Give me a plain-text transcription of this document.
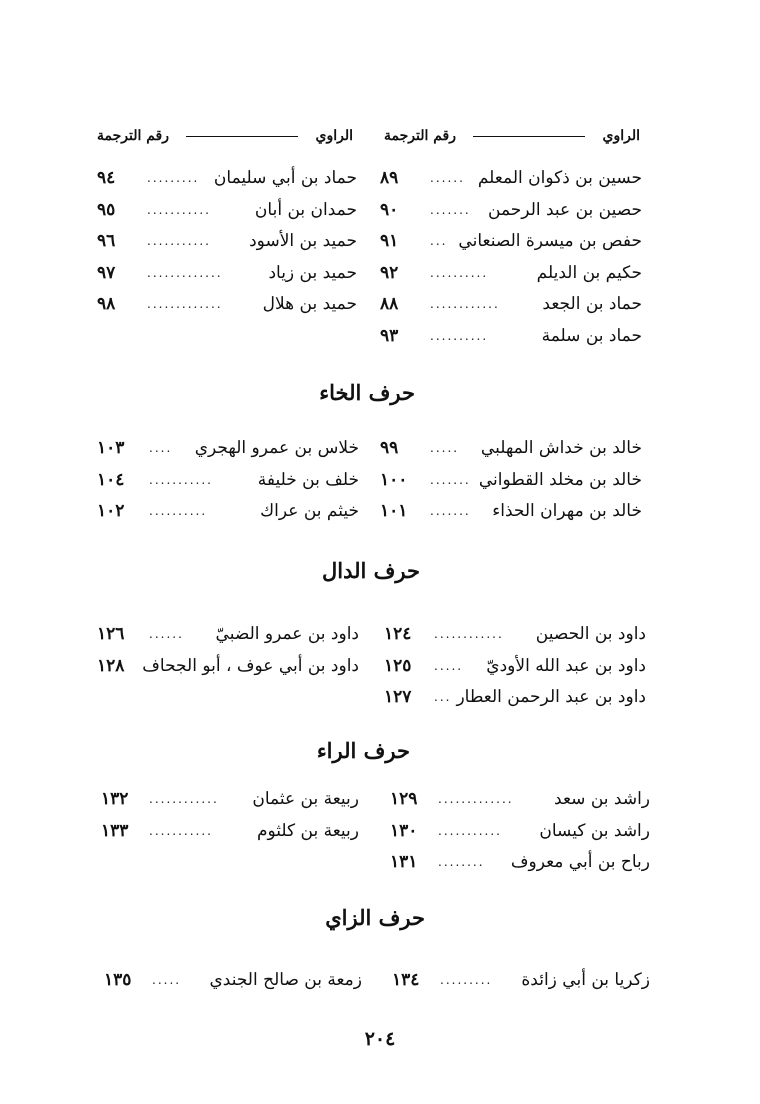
رقم الترجمة	الراوي
رقم الترجمة	الراوي
حسين بن ذكوان المعلم
......
٨٩
حصين بن عبد الرحمن
.......
٩٠
حفص بن ميسرة الصنعاني
...
٩١
حكيم بن الديلم
..........
٩٢
حماد بن الجعد
............
٨٨
حماد بن سلمة
..........
٩٣
حماد بن أبي سليمان
.........
٩٤
حمدان بن أبان
...........
٩٥
حميد بن الأسود
...........
٩٦
حميد بن زياد
.............
٩٧
حميد بن هلال
.............
٩٨
حرف الخاء
خالد بن خداش المهلبي
.....
٩٩
خالد بن مخلد القطواني
.......
١٠٠
خالد بن مهران الحذاء
.......
١٠١
خلاس بن عمرو الهجري
....
١٠٣
خلف بن خليفة
...........
١٠٤
خيثم بن عراك
..........
١٠٢
حرف الدال
داود بن الحصين
............
١٢٤
داود بن عبد الله الأوديّ
.....
١٢٥
داود بن عبد الرحمن العطار
...
١٢٧
داود بن عمرو الضبيّ
......
١٢٦
داود بن أبي عوف ، أبو الجحاف
١٢٨
حرف الراء
راشد بن سعد
.............
١٢٩
راشد بن كيسان
...........
١٣٠
رباح بن أبي معروف
........
١٣١
ربيعة بن عثمان
............
١٣٢
ربيعة بن كلثوم
...........
١٣٣
حرف الزاي
زكريا بن أبي زائدة
.........
١٣٤
زمعة بن صالح الجندي
.....
١٣٥
٢٠٤
